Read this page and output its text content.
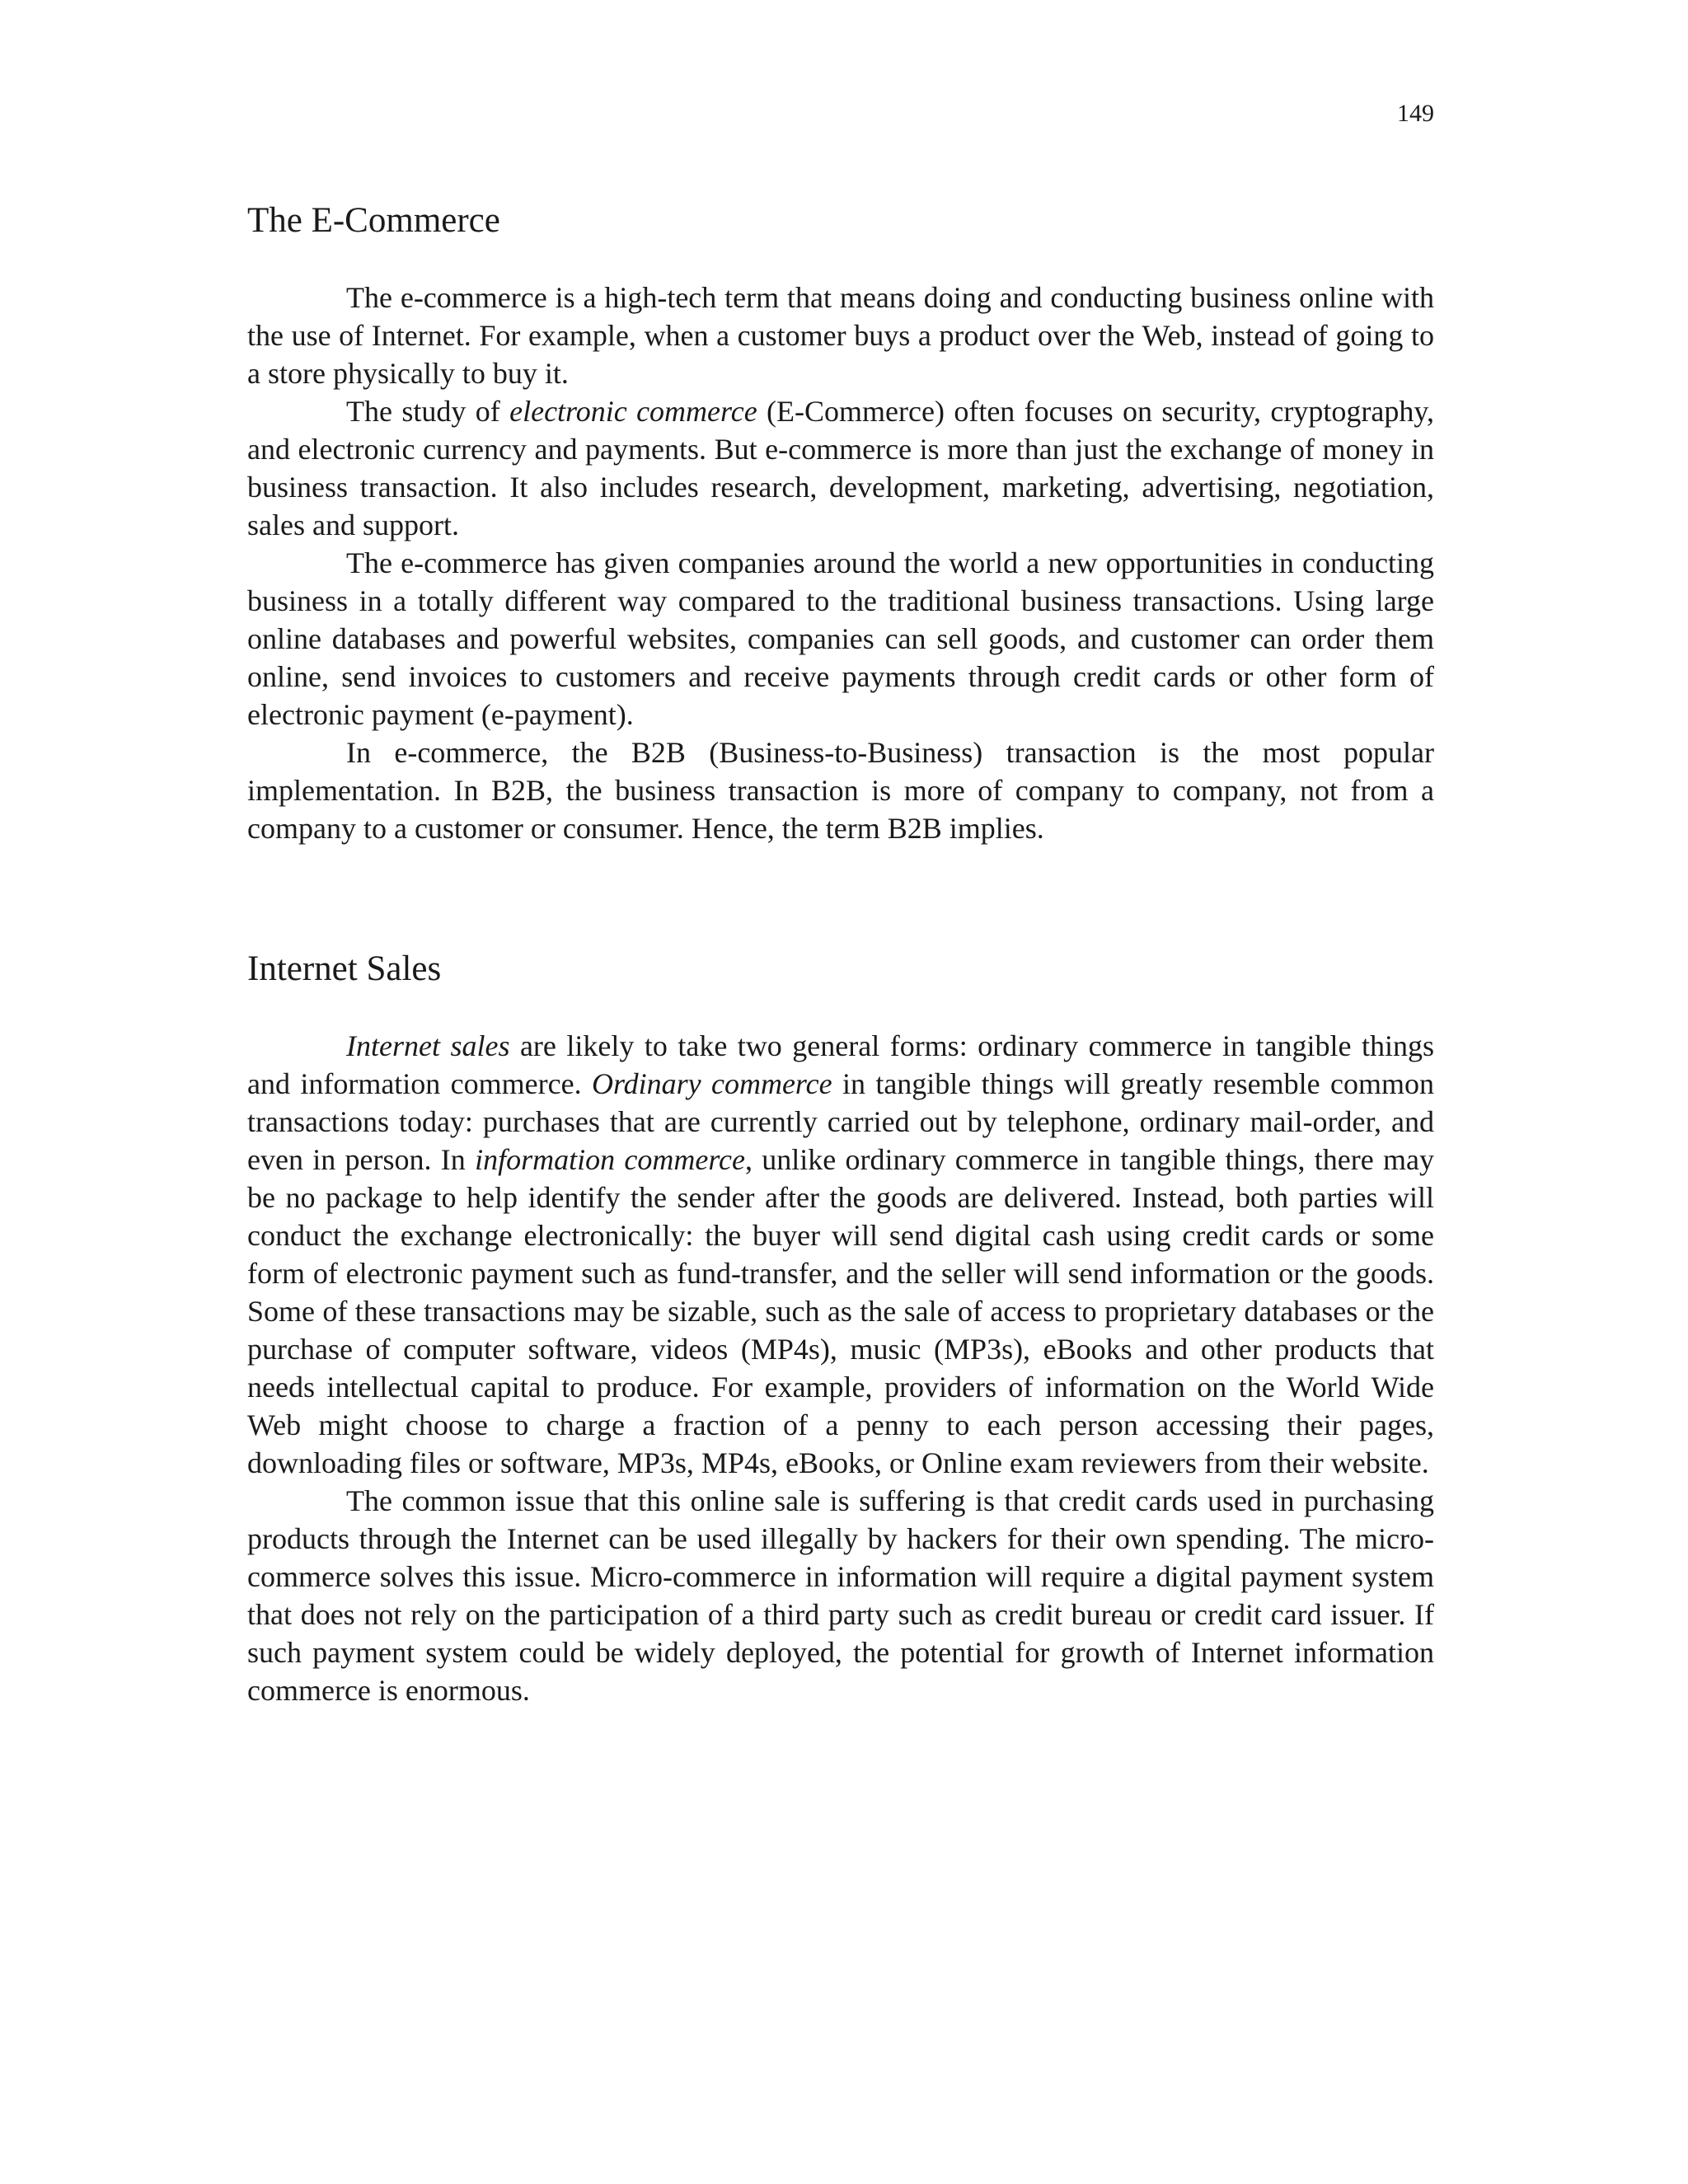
149
The E-Commerce

The e-commerce is a high-tech term that means doing and conducting business online with the use of Internet. For example, when a customer buys a product over the Web, instead of going to a store physically to buy it.

The study of electronic commerce (E-Commerce) often focuses on security, cryptography, and electronic currency and payments. But e-commerce is more than just the exchange of money in business transaction. It also includes research, development, marketing, advertising, negotiation, sales and support.

The e-commerce has given companies around the world a new opportunities in conducting business in a totally different way compared to the traditional business transactions. Using large online databases and powerful websites, companies can sell goods, and customer can order them online, send invoices to customers and receive payments through credit cards or other form of electronic payment (e-payment).

In e-commerce, the B2B (Business-to-Business) transaction is the most popular implementation. In B2B, the business transaction is more of company to company, not from a company to a customer or consumer. Hence, the term B2B implies.

Internet Sales

Internet sales are likely to take two general forms: ordinary commerce in tangible things and information commerce. Ordinary commerce in tangible things will greatly resemble common transactions today: purchases that are currently carried out by telephone, ordinary mail-order, and even in person. In information commerce, unlike ordinary commerce in tangible things, there may be no package to help identify the sender after the goods are delivered. Instead, both parties will conduct the exchange electronically: the buyer will send digital cash using credit cards or some form of electronic payment such as fund-transfer, and the seller will send information or the goods. Some of these transactions may be sizable, such as the sale of access to proprietary databases or the purchase of computer software, videos (MP4s), music (MP3s), eBooks and other products that needs intellectual capital to produce. For example, providers of information on the World Wide Web might choose to charge a fraction of a penny to each person accessing their pages, downloading files or software, MP3s, MP4s, eBooks, or Online exam reviewers from their website.

The common issue that this online sale is suffering is that credit cards used in purchasing products through the Internet can be used illegally by hackers for their own spending. The micro-commerce solves this issue. Micro-commerce in information will require a digital payment system that does not rely on the participation of a third party such as credit bureau or credit card issuer. If such payment system could be widely deployed, the potential for growth of Internet information commerce is enormous.
